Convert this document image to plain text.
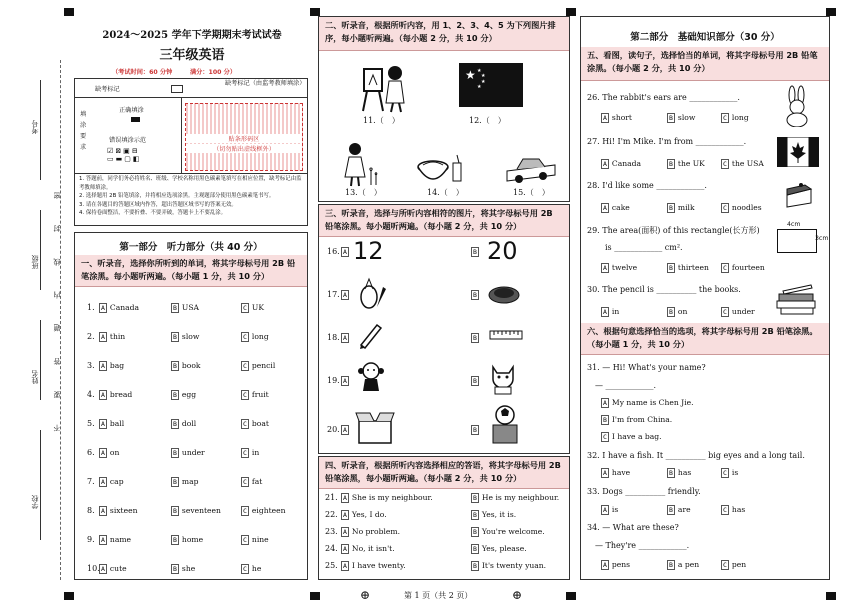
考号
班级
姓名
学校
不 要 答 题 内 线 封 密
2024～2025 学年下学期期末考试试卷
三年级英语
（考试时间：60 分钟	满分：100 分）
缺考标记
缺考标记（由监考教师填涂）
填涂要求
正确填涂
错误填涂示范
☑⊠▣⊟
▭▬▢◧
贴条形码区
（切勿贴出虚线框外）
1. 答题前，同学们务必将姓名、班级、学校名称用黑色碳素笔填写在相应位置，缺考标记由监考教师填涂。
2. 选择题用 2B 铅笔填涂，并将相应选项涂黑。主观题部分使用黑色碳素笔书写。
3. 请在各题目的答题区域内作答，超出答题区域书写的答案无效。
4. 保持卷面整洁，不要折叠、不要弄破，答题卡上不要乱涂。
第一部分　听力部分（共 40 分）
一、听录音，选择你所听到的单词，将其字母标号用 2B 铅笔涂黑。每小题听两遍。（每小题 1 分，共 10 分）
1. A Canada	B USA	C UK
2. A thin	B slow	C long
3. A bag	B book	C pencil
4. A bread	B egg	C fruit
5. A ball	B doll	C boat
6. A on	B under	C in
7. A cap	B map	C fat
8. A sixteen	B seventeen	C eighteen
9. A name	B home	C nine
10. A cute	B she	C he
二、听录音，根据所听内容，用 1、2、3、4、5 为下列图片排序，每小题听两遍。（每小题 2 分，共 10 分）
★ ★
★
★
★
11.（　）	12.（　）
13.（　）	14.（　）	15.（　）
三、听录音，选择与所听内容相符的图片，将其字母标号用 2B 铅笔涂黑。每小题听两遍。（每小题 2 分，共 10 分）
16. A 12	B 20
17. A	B
18. A	B
19. A	B
20. A	B
四、听录音，根据所听内容选择相应的答语，将其字母标号用 2B 铅笔涂黑，每小题听两遍。（每小题 2 分，共 10 分）
21. A She is my neighbour.	B He is my neighbour.
22. A Yes, I do.	B Yes, it is.
23. A No problem.	B You're welcome.
24. A No, it isn't.	B Yes, please.
25. A I have twenty.	B It's twenty yuan.
第二部分　基础知识部分（30 分）
五、看图，读句子，选择恰当的单词，将其字母标号用 2B 铅笔涂黑。（每小题 2 分，共 10 分）
26. The rabbit's ears are ____________.
A short	B slow	C long
27. Hi! I'm Mike. I'm from ____________.
A Canada	B the UK	C the USA
28. I'd like some ____________.
A cake	B milk	C noodles
29. The area(面积) of this rectangle(长方形)
is ____________ cm².
A twelve	B thirteen	C fourteen
4cm
3cm
30. The pencil is __________ the books.
A in	B on	C under
六、根据句意选择恰当的选项，将其字母标号用 2B 铅笔涂黑。（每小题 1 分，共 10 分）
31. — Hi! What's your name?
— ____________.
A My name is Chen Jie.
B I'm from China.
C I have a bag.
32. I have a fish. It __________ big eyes and a long tail.
A have	B has	C is
33. Dogs __________ friendly.
A is	B are	C has
34. — What are these?
— They're ____________.
A pens	B a pen	C pen
⊕	第 1 页（共 2 页）	⊕
